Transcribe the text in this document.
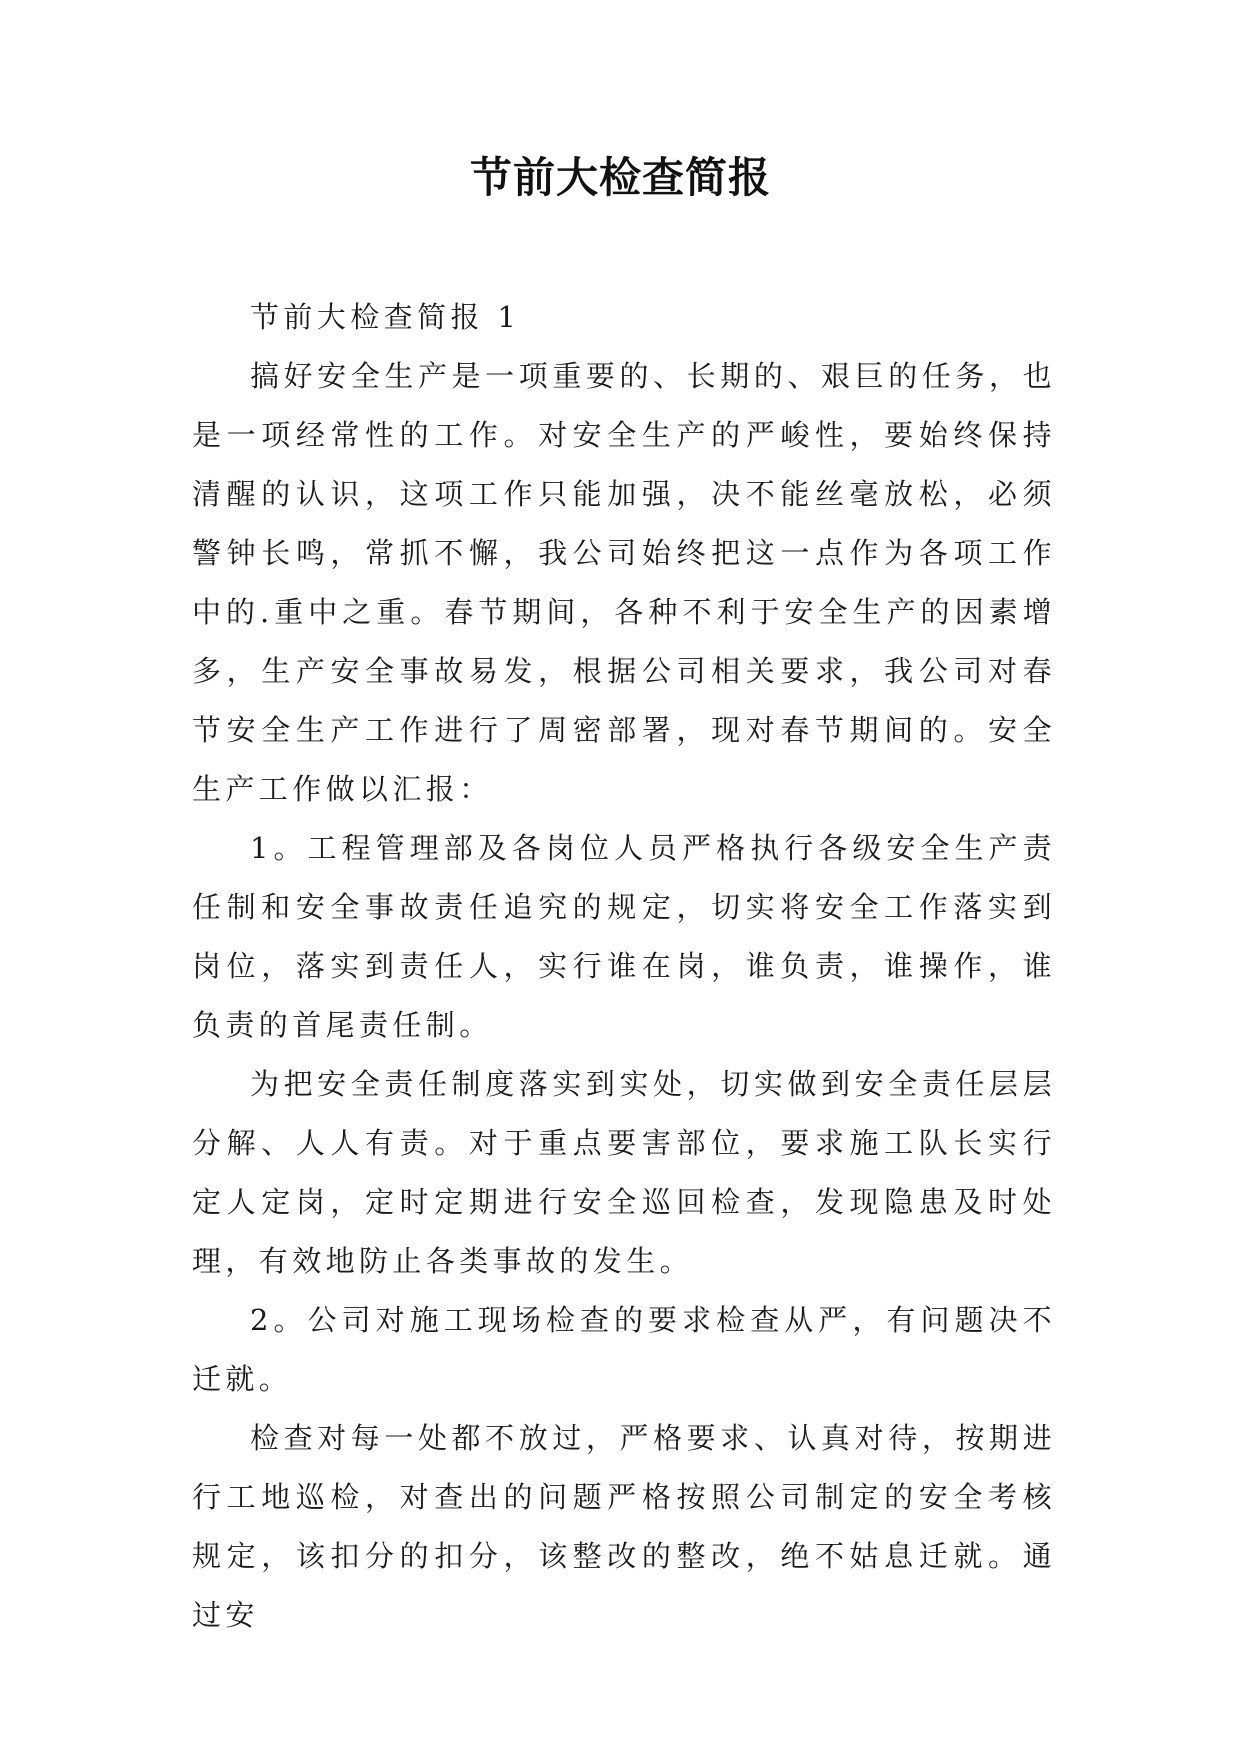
节前大检查简报

节前大检查简报 1

搞好安全生产是一项重要的、长期的、艰巨的任务，也是一项经常性的工作。对安全生产的严峻性，要始终保持清醒的认识，这项工作只能加强，决不能丝毫放松，必须警钟长鸣，常抓不懈，我公司始终把这一点作为各项工作中的.重中之重。春节期间，各种不利于安全生产的因素增多，生产安全事故易发，根据公司相关要求，我公司对春节安全生产工作进行了周密部署，现对春节期间的。安全生产工作做以汇报：

1。工程管理部及各岗位人员严格执行各级安全生产责任制和安全事故责任追究的规定，切实将安全工作落实到岗位，落实到责任人，实行谁在岗，谁负责，谁操作，谁负责的首尾责任制。

为把安全责任制度落实到实处，切实做到安全责任层层分解、人人有责。对于重点要害部位，要求施工队长实行定人定岗，定时定期进行安全巡回检查，发现隐患及时处理，有效地防止各类事故的发生。

2。公司对施工现场检查的要求检查从严，有问题决不迁就。

检查对每一处都不放过，严格要求、认真对待，按期进行工地巡检，对查出的问题严格按照公司制定的安全考核规定，该扣分的扣分，该整改的整改，绝不姑息迁就。通过安
